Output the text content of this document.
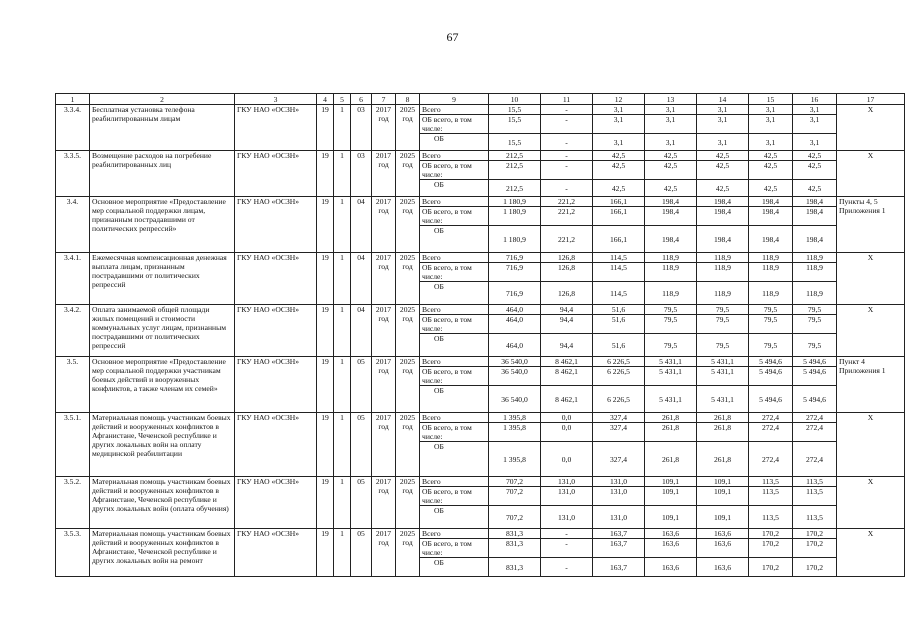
67
1	2	3	4	5	6	7	8	9	10	11	12	13	14	15	16	17
3.3.4.	Бесплатная установка телефона реабилитированным лицам	ГКУ НАО «ОСЗН»	19	1	03	2017 год	2025 год	Всего	15,5	-	3,1	3,1	3,1	3,1	3,1	X
								ОБ всего, в том числе:	15,5	-	3,1	3,1	3,1	3,1	3,1	
								ОБ	15,5	-	3,1	3,1	3,1	3,1	3,1	
3.3.5.	Возмещение расходов на погребение реабилитированных лиц	ГКУ НАО «ОСЗН»	19	1	03	2017 год	2025 год	Всего	212,5	-	42,5	42,5	42,5	42,5	42,5	X
								ОБ всего, в том числе:	212,5	-	42,5	42,5	42,5	42,5	42,5	
								ОБ	212,5	-	42,5	42,5	42,5	42,5	42,5	
3.4.	Основное мероприятие «Предоставление мер социальной поддержки лицам, признанным пострадавшими от политических репрессий»	ГКУ НАО «ОСЗН»	19	1	04	2017 год	2025 год	Всего	1 180,9	221,2	166,1	198,4	198,4	198,4	198,4	Пункты 4, 5 Приложения 1
								ОБ всего, в том числе:	1 180,9	221,2	166,1	198,4	198,4	198,4	198,4	
								ОБ	1 180,9	221,2	166,1	198,4	198,4	198,4	198,4	
3.4.1.	Ежемесячная компенсационная денежная выплата лицам, признанным пострадавшими от политических репрессий	ГКУ НАО «ОСЗН»	19	1	04	2017 год	2025 год	Всего	716,9	126,8	114,5	118,9	118,9	118,9	118,9	X
								ОБ всего, в том числе:	716,9	126,8	114,5	118,9	118,9	118,9	118,9	
								ОБ	716,9	126,8	114,5	118,9	118,9	118,9	118,9	
3.4.2.	Оплата занимаемой общей площади жилых помещений и стоимости коммунальных услуг лицам, признанным пострадавшими от политических репрессий	ГКУ НАО «ОСЗН»	19	1	04	2017 год	2025 год	Всего	464,0	94,4	51,6	79,5	79,5	79,5	79,5	X
								ОБ всего, в том числе:	464,0	94,4	51,6	79,5	79,5	79,5	79,5	
								ОБ	464,0	94,4	51,6	79,5	79,5	79,5	79,5	
3.5.	Основное мероприятие «Предоставление мер социальной поддержки участникам боевых действий и вооруженных конфликтов, а также членам их семей»	ГКУ НАО «ОСЗН»	19	1	05	2017 год	2025 год	Всего	36 540,0	8 462,1	6 226,5	5 431,1	5 431,1	5 494,6	5 494,6	Пункт 4 Приложения 1
								ОБ всего, в том числе:	36 540,0	8 462,1	6 226,5	5 431,1	5 431,1	5 494,6	5 494,6	
								ОБ	36 540,0	8 462,1	6 226,5	5 431,1	5 431,1	5 494,6	5 494,6	
3.5.1.	Материальная помощь участникам боевых действий и вооруженных конфликтов в Афганистане, Чеченской республике и других локальных войн на оплату медицинской реабилитации	ГКУ НАО «ОСЗН»	19	1	05	2017 год	2025 год	Всего	1 395,8	0,0	327,4	261,8	261,8	272,4	272,4	X
								ОБ всего, в том числе:	1 395,8	0,0	327,4	261,8	261,8	272,4	272,4	
								ОБ	1 395,8	0,0	327,4	261,8	261,8	272,4	272,4	
3.5.2.	Материальная помощь участникам боевых действий и вооруженных конфликтов в Афганистане, Чеченской республике и других локальных войн (оплата обучения)	ГКУ НАО «ОСЗН»	19	1	05	2017 год	2025 год	Всего	707,2	131,0	131,0	109,1	109,1	113,5	113,5	X
								ОБ всего, в том числе:	707,2	131,0	131,0	109,1	109,1	113,5	113,5	
								ОБ	707,2	131,0	131,0	109,1	109,1	113,5	113,5	
3.5.3.	Материальная помощь участникам боевых действий и вооруженных конфликтов в Афганистане, Чеченской республике и других локальных войн на ремонт	ГКУ НАО «ОСЗН»	19	1	05	2017 год	2025 год	Всего	831,3	-	163,7	163,6	163,6	170,2	170,2	X
								ОБ всего, в том числе:	831,3	-	163,7	163,6	163,6	170,2	170,2	
								ОБ	831,3	-	163,7	163,6	163,6	170,2	170,2	
